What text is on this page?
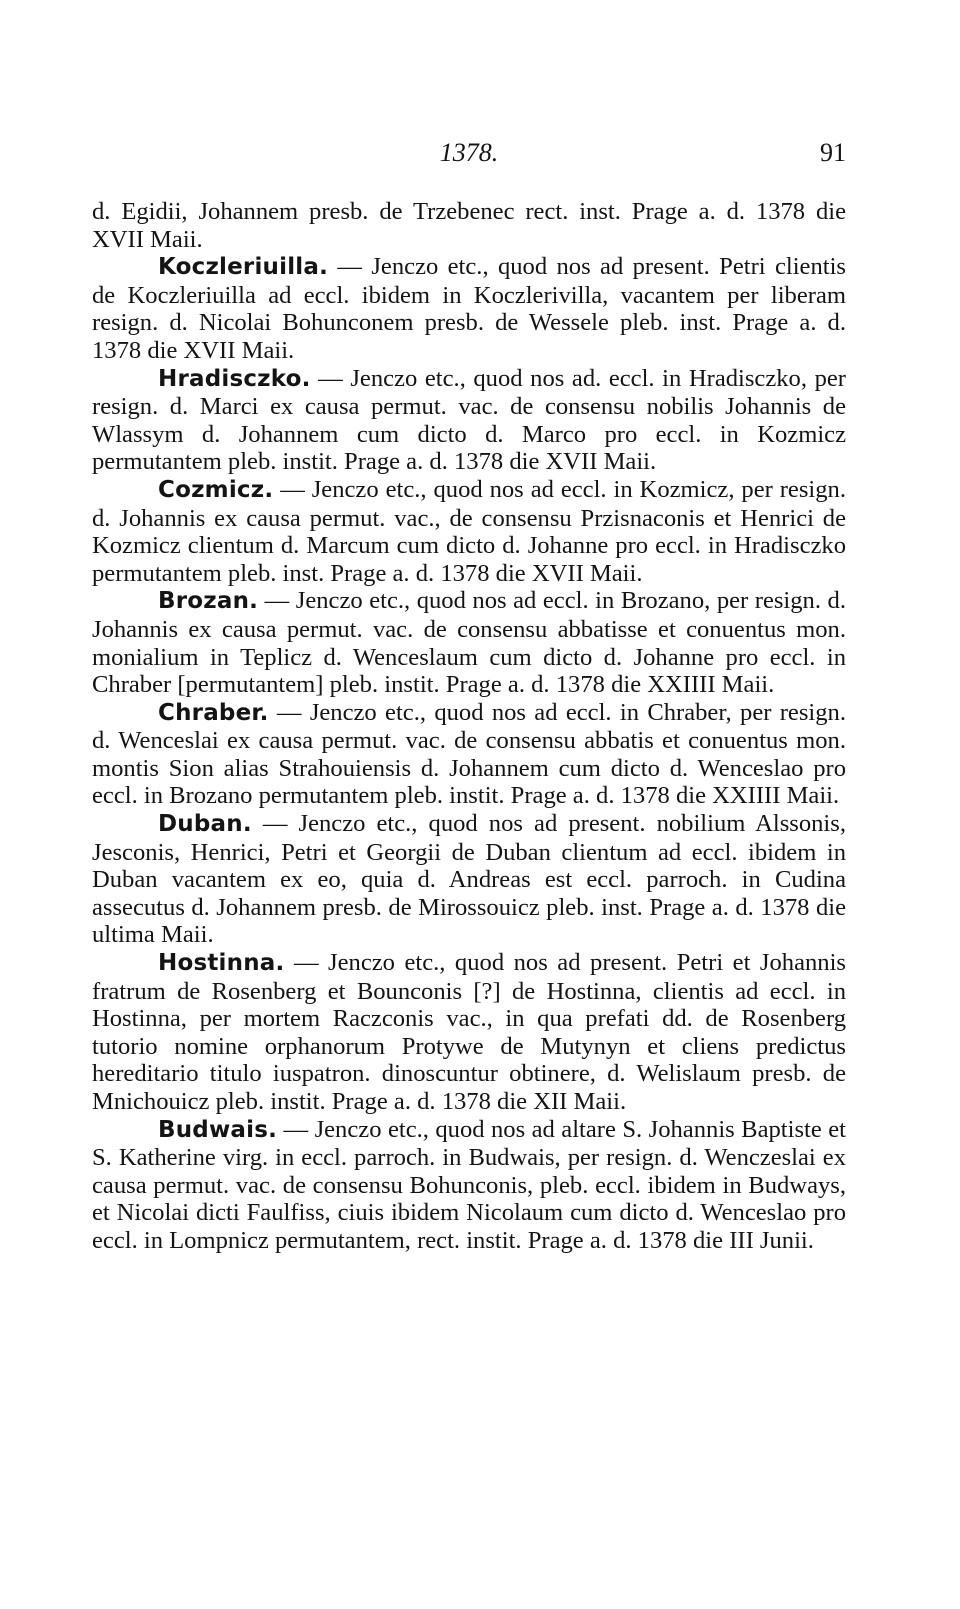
1378.	91

d. Egidii, Johannem presb. de Trzebenec rect. inst. Prage a. d. 1378 die XVII Maii.

Koczleriuilla. — Jenczo etc., quod nos ad present. Petri clientis de Koczleriuilla ad eccl. ibidem in Koczlerivilla, vacantem per liberam resign. d. Nicolai Bohunconem presb. de Wessele pleb. inst. Prage a. d. 1378 die XVII Maii.

Hradisczko. — Jenczo etc., quod nos ad. eccl. in Hradisczko, per resign. d. Marci ex causa permut. vac. de consensu nobilis Johannis de Wlassym d. Johannem cum dicto d. Marco pro eccl. in Kozmicz permutantem pleb. instit. Prage a. d. 1378 die XVII Maii.

Cozmicz. — Jenczo etc., quod nos ad eccl. in Kozmicz, per resign. d. Johannis ex causa permut. vac., de consensu Przisnaconis et Henrici de Kozmicz clientum d. Marcum cum dicto d. Johanne pro eccl. in Hradisczko permutantem pleb. inst. Prage a. d. 1378 die XVII Maii.

Brozan. — Jenczo etc., quod nos ad eccl. in Brozano, per resign. d. Johannis ex causa permut. vac. de consensu abbatisse et conuentus mon. monialium in Teplicz d. Wenceslaum cum dicto d. Johanne pro eccl. in Chraber [permutantem] pleb. instit. Prage a. d. 1378 die XXIIII Maii.

Chraber. — Jenczo etc., quod nos ad eccl. in Chraber, per resign. d. Wenceslai ex causa permut. vac. de consensu abbatis et conuentus mon. montis Sion alias Strahouiensis d. Johannem cum dicto d. Wenceslao pro eccl. in Brozano permutantem pleb. instit. Prage a. d. 1378 die XXIIII Maii.

Duban. — Jenczo etc., quod nos ad present. nobilium Alssonis, Jesconis, Henrici, Petri et Georgii de Duban clientum ad eccl. ibidem in Duban vacantem ex eo, quia d. Andreas est eccl. parroch. in Cudina assecutus d. Johannem presb. de Mirossouicz pleb. inst. Prage a. d. 1378 die ultima Maii.

Hostinna. — Jenczo etc., quod nos ad present. Petri et Johannis fratrum de Rosenberg et Bounconis [?] de Hostinna, clientis ad eccl. in Hostinna, per mortem Raczconis vac., in qua prefati dd. de Rosenberg tutorio nomine orphanorum Protywe de Mutynyn et cliens predictus hereditario titulo iuspatron. dinoscuntur obtinere, d. Welislaum presb. de Mnichouicz pleb. instit. Prage a. d. 1378 die XII Maii.

Budwais. — Jenczo etc., quod nos ad altare S. Johannis Baptiste et S. Katherine virg. in eccl. parroch. in Budwais, per resign. d. Wenczeslai ex causa permut. vac. de consensu Bohunconis, pleb. eccl. ibidem in Budways, et Nicolai dicti Faulfiss, ciuis ibidem Nicolaum cum dicto d. Wenceslao pro eccl. in Lompnicz permutantem, rect. instit. Prage a. d. 1378 die III Junii.
